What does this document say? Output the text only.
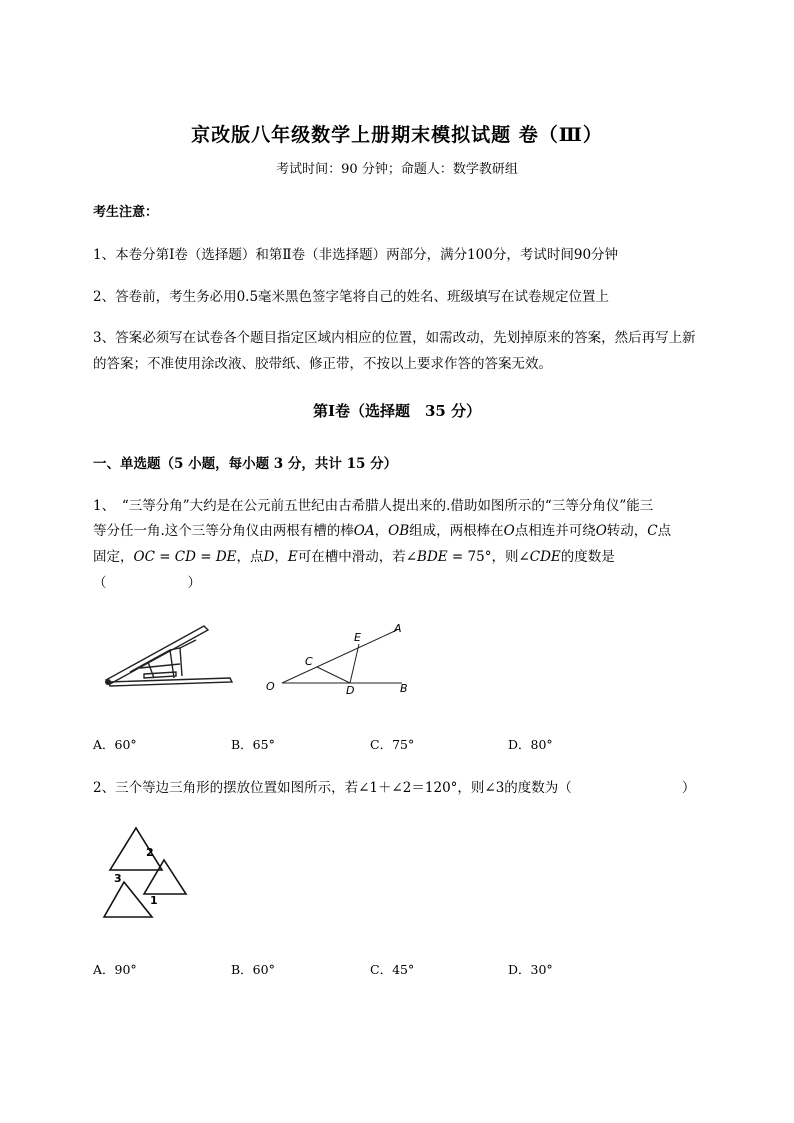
京改版八年级数学上册期末模拟试题 卷（Ⅲ）
考试时间：90 分钟；命题人：数学教研组
考生注意：
1、本卷分第Ⅰ卷（选择题）和第Ⅱ卷（非选择题）两部分，满分100分，考试时间90分钟
2、答卷前，考生务必用0.5毫米黑色签字笔将自己的姓名、班级填写在试卷规定位置上
3、答案必须写在试卷各个题目指定区域内相应的位置，如需改动，先划掉原来的答案，然后再写上新
的答案；不准使用涂改液、胶带纸、修正带，不按以上要求作答的答案无效。
第Ⅰ卷（选择题　35 分）
一、单选题（5 小题，每小题 3 分，共计 15 分）
1、　“三等分角”大约是在公元前五世纪由古希腊人提出来的.借助如图所示的“三等分角仪”能三
等分任一角.这个三等分角仪由两根有槽的棒OA，OB组成，两根棒在O点相连并可绕O转动，C点
固定，OC = CD = DE，点D，E可在槽中滑动，若∠BDE = 75°，则∠CDE的度数是
（　　　　　　）
A
E
C
O	D	B
A．60°	B．65°	C．75°	D．80°
2、三个等边三角形的摆放位置如图所示，若∠1＋∠2＝120°，则∠3的度数为（	）
2
3
1
A．90°	B．60°	C．45°	D．30°
